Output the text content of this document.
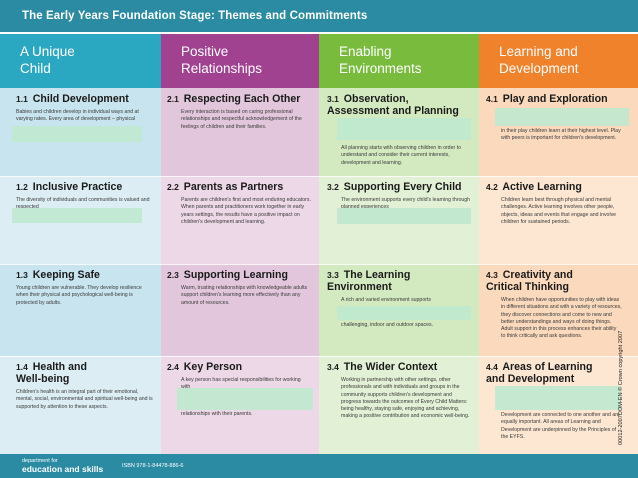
The Early Years Foundation Stage: Themes and Commitments
A Unique
Child
1.1 Child Development
Babies and children develop in individual ways and at varying rates. Every area of development – physical
1.2 Inclusive Practice
The diversity of individuals and communities is valued and
1.3 Keeping Safe
Young children are vulnerable. They develop resilience when their physical and psychological well-being is protected by adults.
1.4 Health and
Well-being
Children's health is an integral part of their emotional, mental, social, environmental and spiritual well-being and is supported by attention to these aspects.
Positive
Relationships
2.1 Respecting Each Other
Every interaction is based on caring professional relationships and respectful acknowledgement of the feelings of children and their families.
2.2 Parents as Partners
Parents are children's first and most enduring educators. When parents and practitioners work together in early years settings, the results have a positive impact on children's development and learning.
2.3 Supporting Learning
Warm, trusting relationships with knowledgeable adults support children's learning more effectively than any amount of resources.
2.4 Key Person
A key person has special responsibilities for working
relationships with their parents.
Enabling
Environments
3.1 Observation,
Assessment and Planning
All planning starts with observing children in order to understand and consider their current interests, development and learning.
3.2 Supporting Every Child
The environment supports every child's learning through
3.3 The Learning
Environment
A rich and varied environment supports
challenging, indoor and outdoor spaces.
3.4 The Wider Context
Working in partnership with other settings, other professionals and with individuals and groups in the community supports children's development and progress towards the outcomes of Every Child Matters: being healthy, staying safe, enjoying and achieving, making a positive contribution and economic well-being.
Learning and
Development
4.1 Play and Exploration
in their play children learn at their highest level. Play with peers is important for children's development.
4.2 Active Learning
Children learn best through physical and mental challenges. Active learning involves other people, objects, ideas and events that engage and involve children for sustained periods.
4.3 Creativity and
Critical Thinking
When children have opportunities to play with ideas in different situations and with a variety of resources, they discover connections and come to new and better understandings and ways of doing things. Adult support in this process enhances their ability to think critically and ask questions.
4.4 Areas of Learning
and Development
Development are connected to one another and are equally important. All areas of Learning and Development are underpinned by the Principles of the EYFS.
department for
education and skills	ISBN 978-1-84478-886-6
00012-2007DOM-EN © Crown copyright 2007
